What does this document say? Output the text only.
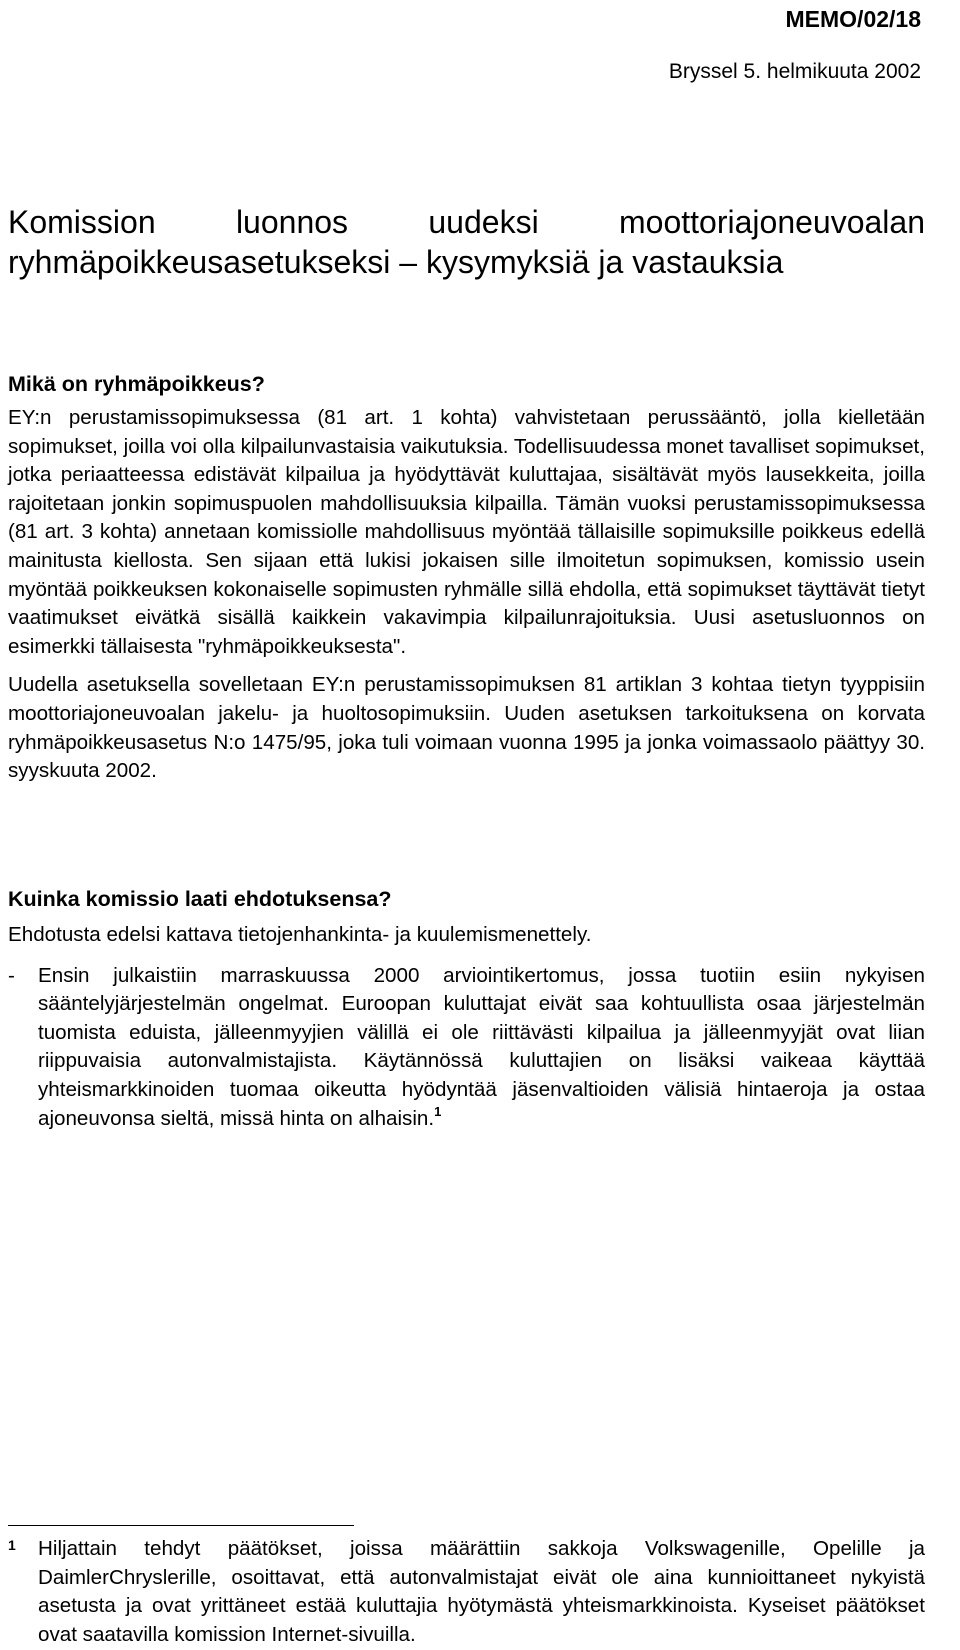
MEMO/02/18
Bryssel 5. helmikuuta 2002
Komission luonnos uudeksi moottoriajoneuvoalan
ryhmäpoikkeusasetukseksi – kysymyksiä ja vastauksia
Mikä on ryhmäpoikkeus?

EY:n perustamissopimuksessa (81 art. 1 kohta) vahvistetaan perussääntö, jolla kielletään sopimukset, joilla voi olla kilpailunvastaisia vaikutuksia. Todellisuudessa monet tavalliset sopimukset, jotka periaatteessa edistävät kilpailua ja hyödyttävät kuluttajaa, sisältävät myös lausekkeita, joilla rajoitetaan jonkin sopimuspuolen mahdollisuuksia kilpailla. Tämän vuoksi perustamissopimuksessa (81 art. 3 kohta) annetaan komissiolle mahdollisuus myöntää tällaisille sopimuksille poikkeus edellä mainitusta kiellosta. Sen sijaan että lukisi jokaisen sille ilmoitetun sopimuksen, komissio usein myöntää poikkeuksen kokonaiselle sopimusten ryhmälle sillä ehdolla, että sopimukset täyttävät tietyt vaatimukset eivätkä sisällä kaikkein vakavimpia kilpailunrajoituksia. Uusi asetusluonnos on esimerkki tällaisesta "ryhmäpoikkeuksesta".

Uudella asetuksella sovelletaan EY:n perustamissopimuksen 81 artiklan 3 kohtaa tietyn tyyppisiin moottoriajoneuvoalan jakelu- ja huoltosopimuksiin. Uuden asetuksen tarkoituksena on korvata ryhmäpoikkeusasetus N:o 1475/95, joka tuli voimaan vuonna 1995 ja jonka voimassaolo päättyy 30. syyskuuta 2002.

Kuinka komissio laati ehdotuksensa?

Ehdotusta edelsi kattava tietojenhankinta- ja kuulemismenettely.

- Ensin julkaistiin marraskuussa 2000 arviointikertomus, jossa tuotiin esiin nykyisen sääntelyjärjestelmän ongelmat. Euroopan kuluttajat eivät saa kohtuullista osaa järjestelmän tuomista eduista, jälleenmyyjien välillä ei ole riittävästi kilpailua ja jälleenmyyjät ovat liian riippuvaisia autonvalmistajista. Käytännössä kuluttajien on lisäksi vaikeaa käyttää yhteismarkkinoiden tuomaa oikeutta hyödyntää jäsenvaltioiden välisiä hintaeroja ja ostaa ajoneuvonsa sieltä, missä hinta on alhaisin.$^1$
1 Hiljattain tehdyt päätökset, joissa määrättiin sakkoja Volkswagenille, Opelille ja DaimlerChryslerille, osoittavat, että autonvalmistajat eivät ole aina kunnioittaneet nykyistä asetusta ja ovat yrittäneet estää kuluttajia hyötymästä yhteismarkkinoista. Kyseiset päätökset ovat saatavilla komission Internet-sivuilla.
